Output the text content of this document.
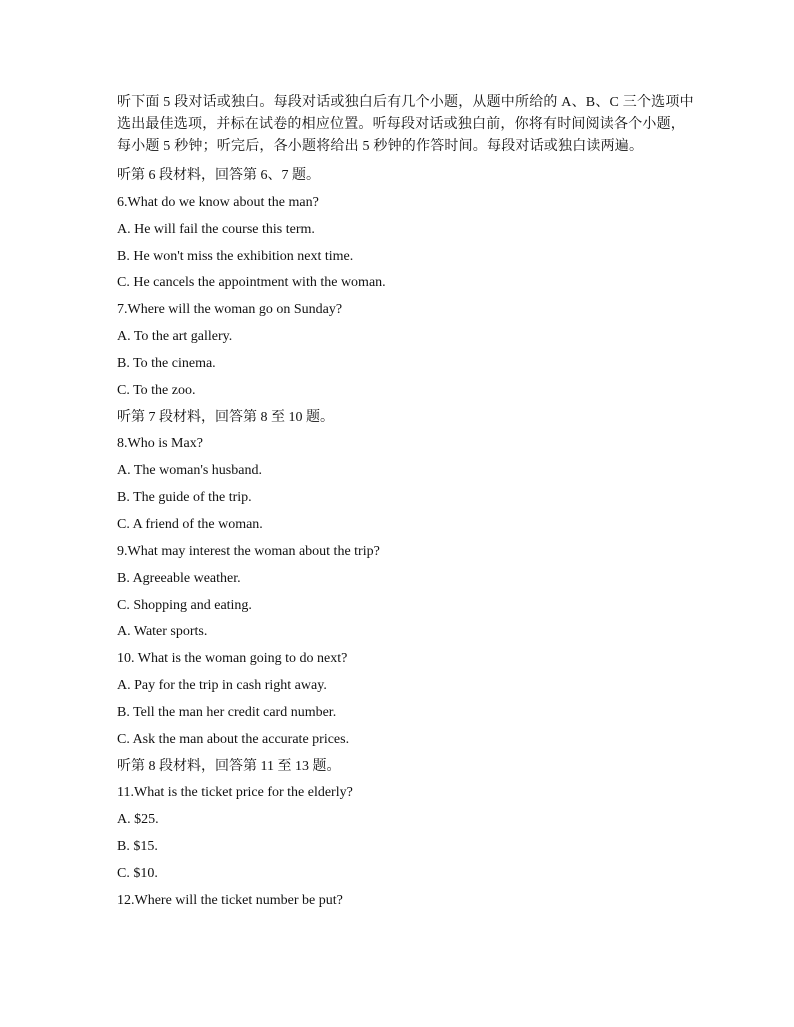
听下面 5 段对话或独白。每段对话或独白后有几个小题，从题中所给的 A、B、C 三个选项中选出最佳选项，并标在试卷的相应位置。听每段对话或独白前，你将有时间阅读各个小题，每小题 5 秒钟；听完后，各小题将给出 5 秒钟的作答时间。每段对话或独白读两遍。

听第 6 段材料，回答第 6、7 题。
6.What do we know about the man?
A. He will fail the course this term.
B. He won't miss the exhibition next time.
C. He cancels the appointment with the woman.
7.Where will the woman go on Sunday?
A. To the art gallery.
B. To the cinema.
C. To the zoo.
听第 7 段材料，回答第 8 至 10 题。
8.Who is Max?
A. The woman's husband.
B. The guide of the trip.
C. A friend of the woman.
9.What may interest the woman about the trip?
B. Agreeable weather.
C. Shopping and eating.
A. Water sports.
10. What is the woman going to do next?
A. Pay for the trip in cash right away.
B. Tell the man her credit card number.
C. Ask the man about the accurate prices.
听第 8 段材料，回答第 11 至 13 题。
11.What is the ticket price for the elderly?
A. $25.
B. $15.
C. $10.
12.Where will the ticket number be put?
